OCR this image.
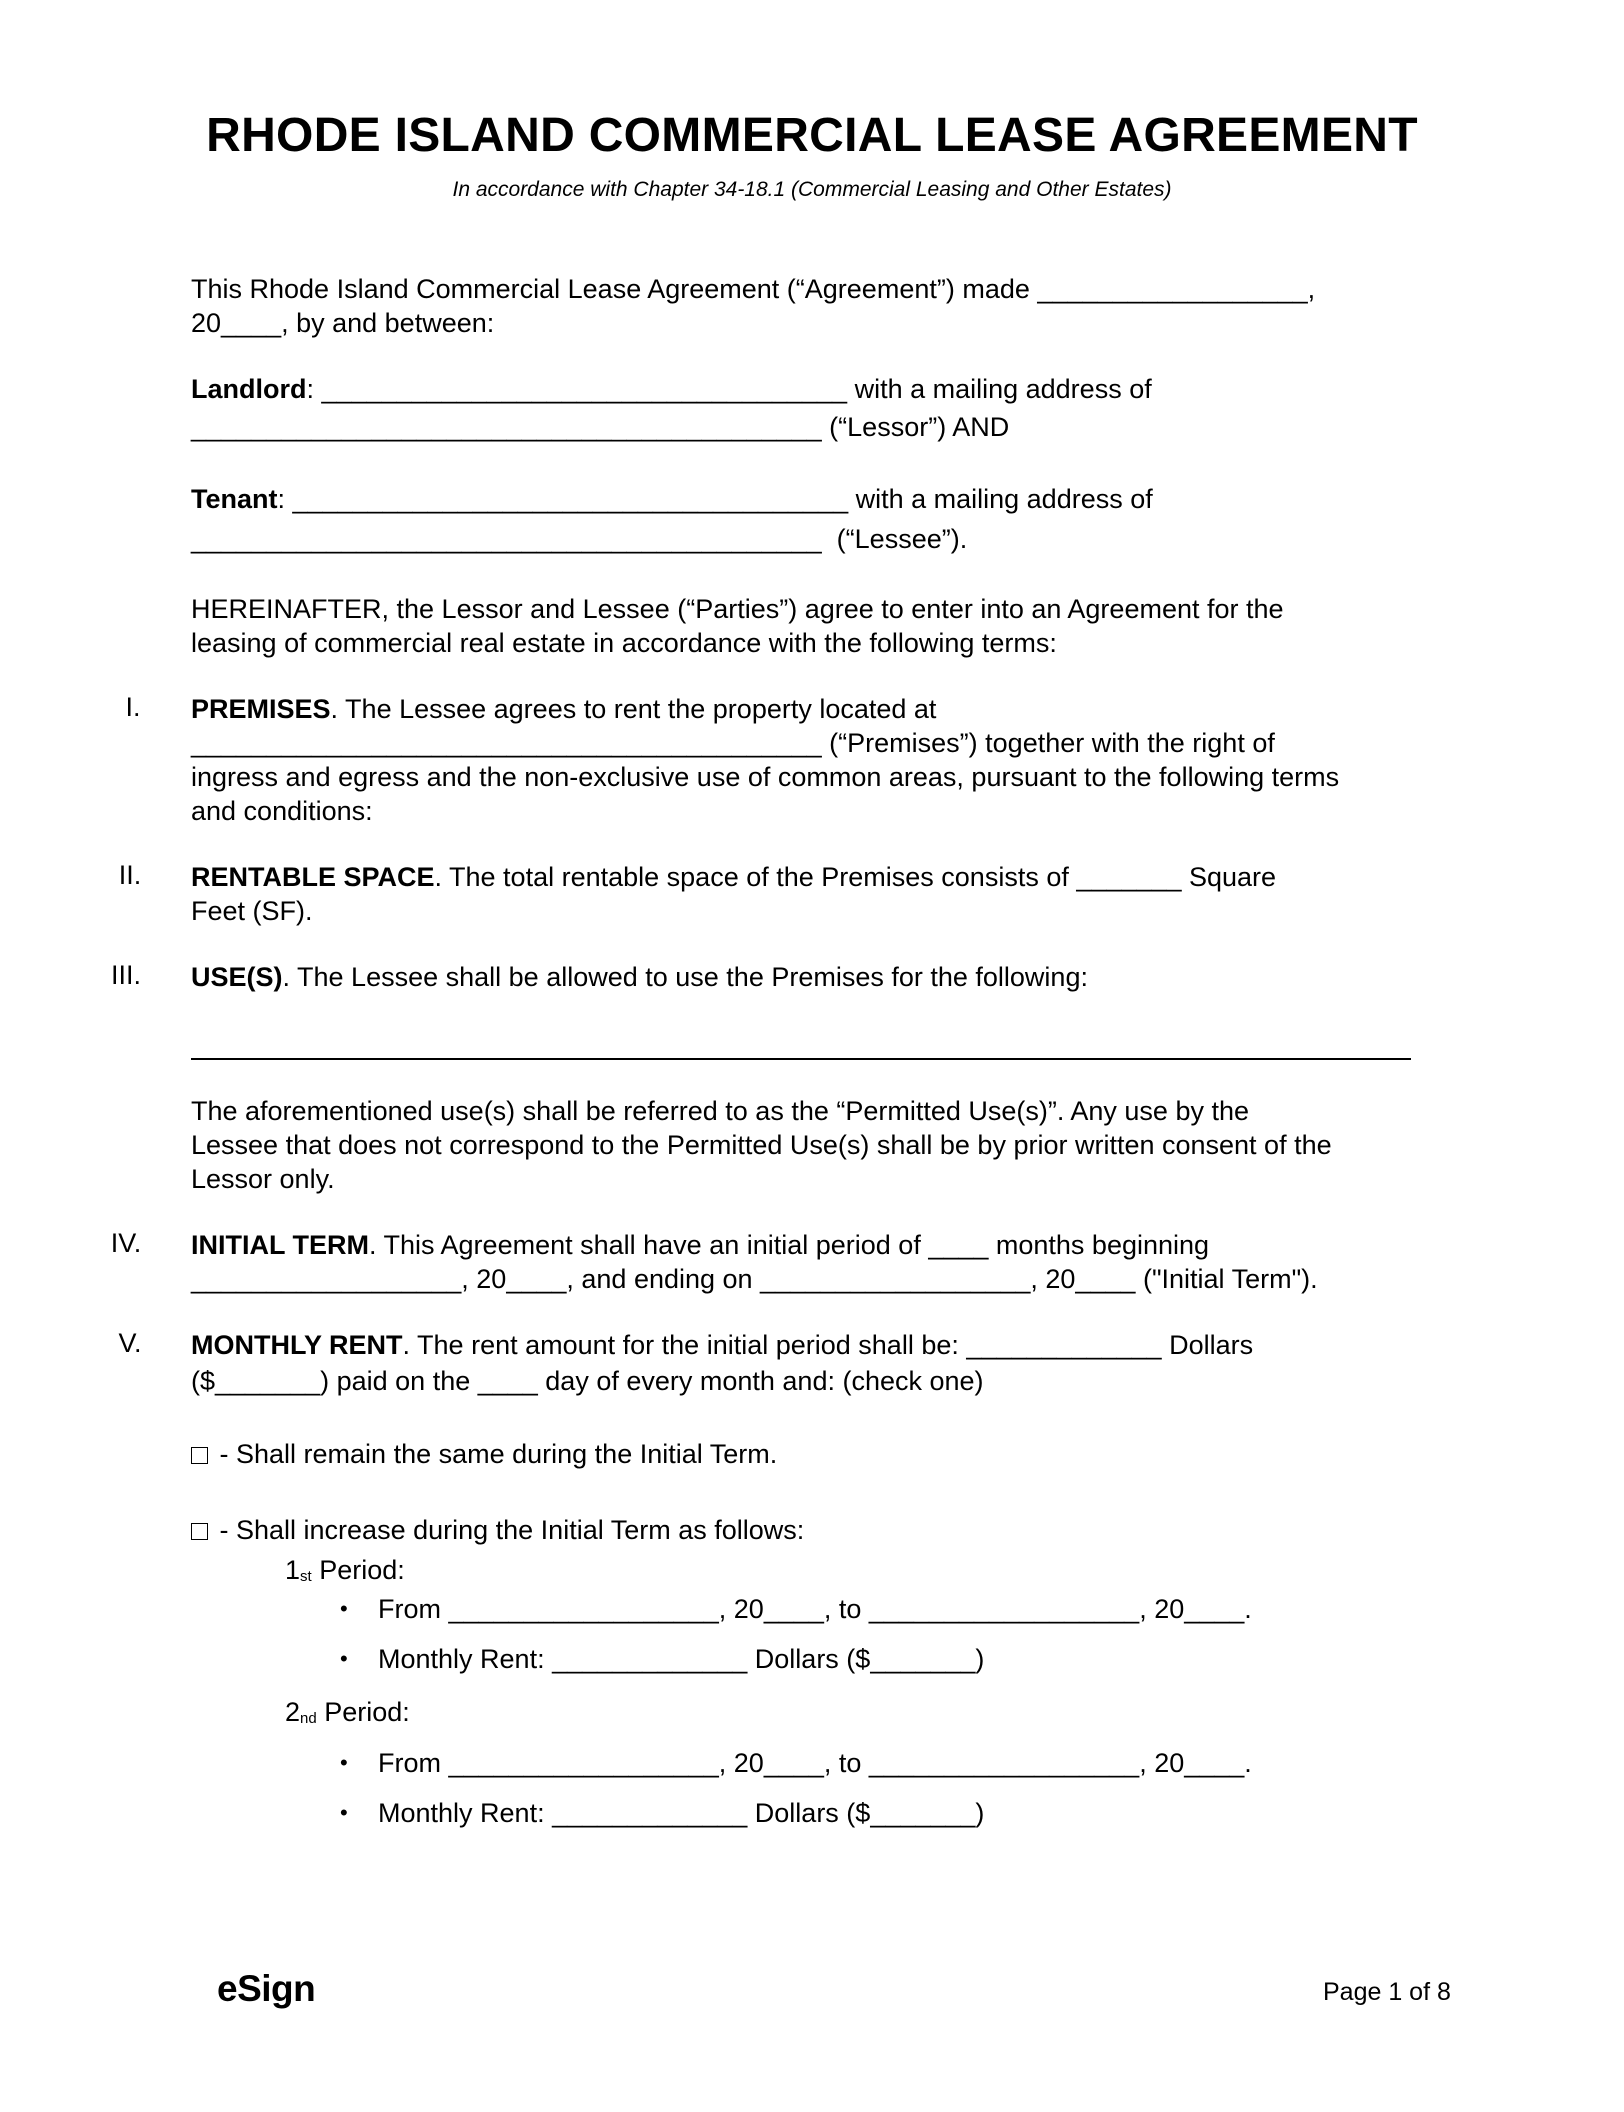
RHODE ISLAND COMMERCIAL LEASE AGREEMENT
In accordance with Chapter 34-18.1 (Commercial Leasing and Other Estates)
This Rhode Island Commercial Lease Agreement (“Agreement”) made __________________,
20____, by and between:
Landlord: ___________________________________ with a mailing address of
__________________________________________ (“Lessor”) AND
Tenant: _____________________________________ with a mailing address of
__________________________________________  (“Lessee”).
HEREINAFTER, the Lessor and Lessee (“Parties”) agree to enter into an Agreement for the
leasing of commercial real estate in accordance with the following terms:
I.	PREMISES. The Lessee agrees to rent the property located at
__________________________________________ (“Premises”) together with the right of
ingress and egress and the non-exclusive use of common areas, pursuant to the following terms
and conditions:
II.	RENTABLE SPACE. The total rentable space of the Premises consists of _______ Square
Feet (SF).
III.	USE(S). The Lessee shall be allowed to use the Premises for the following:
The aforementioned use(s) shall be referred to as the “Permitted Use(s)”. Any use by the
Lessee that does not correspond to the Permitted Use(s) shall be by prior written consent of the
Lessor only.
IV.	INITIAL TERM. This Agreement shall have an initial period of ____ months beginning
__________________, 20____, and ending on __________________, 20____ ("Initial Term").
V.	MONTHLY RENT. The rent amount for the initial period shall be: _____________ Dollars
($_______) paid on the ____ day of every month and: (check one)
- Shall remain the same during the Initial Term.
- Shall increase during the Initial Term as follows:
1st Period:
• From __________________, 20____, to __________________, 20____.
• Monthly Rent: _____________ Dollars ($_______)
2nd Period:
• From __________________, 20____, to __________________, 20____.
• Monthly Rent: _____________ Dollars ($_______)
eSign	Page 1 of 8
